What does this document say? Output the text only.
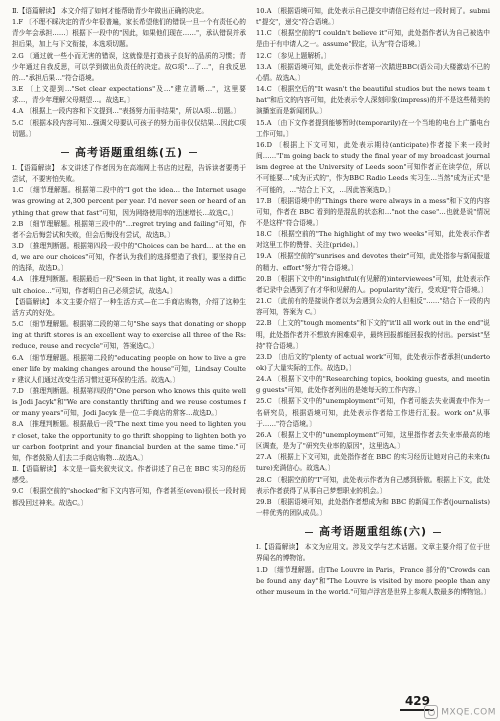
Ⅱ.【语篇解读】 本文介绍了如何才能帮助青少年做出正确的决定。

1.F 〔不理不睬决定的青少年很普遍，家长希望他们的错误一旦一个有责任心的青少年会承担……〕根据下一段中的"因此，如果他们现在……"，承认错误并承担后果，加上与下文衔接，本选项切题。

2.G 〔通过就一些小而无害的错误，这就像是打造孩子良好的品质的习惯；青少年通过自我反思，可以学到做出负责任的决定。故G项"…了…"，自我反思的…"承担后果…"符合语境。

3.E 〔上文提到…"Set clear expectations"及…"建立清晰…"，这里要求…，青少年理解父母期望…。故选E。〕

4.A 〔根据上一段内容和下文提到…"表扬努力而非结果"，所以A项…切题。〕

5.C 〔根据本段内容可知…强调父母要认可孩子的努力而非仅仅结果…因此C项切题。〕

高考语题重组练(五)

Ⅰ.【语篇解读】 本文讲述了作者因为在高端网上书店的过程，告诉读者要勇于尝试，不要害怕失败。

1.C 〔细节理解题。根据第二段中的"I got the idea… the Internet usage was growing at 2,300 percent per year. I'd never seen or heard of anything that grew that fast"可知，因为网络使用率的迅速增长…故选C。〕

2.B 〔细节理解题。根据第三段中的"…regret trying and failing"可知，作者不会后悔尝试和失败，但会后悔没有尝试，故选B。〕

3.D 〔推理判断题。根据第四段一段中的"Choices can be hard… at the end, we are our choices"可知，作者认为我们的选择塑造了我们，要坚持自己的选择，故选D。〕

4.A 〔推理判断题。根据最后一段"Seen in that light, it really was a difficult choice…"可知，作者明白自己必须尝试，故选A。〕

【语篇解读】 本文主要介绍了一种生活方式—在二手商店购物，介绍了这种生活方式的好处。

5.C 〔细节理解题。根据第二段的第二句"She says that donating or shopping at thrift stores is an excellent way to exercise all three of the Rs: reduce, reuse and recycle"可知，答案选C。〕

6.A 〔细节理解题。根据第二段的"educating people on how to live a greener life by making changes around the house"可知，Lindsay Coulter 建议人们通过改变生活习惯过更环保的生活。故选A。〕

7.D 〔推理判断题。根据第四段的"One person who knows this quite well is Jodi Jacyk"和"We are constantly thrifting and we reuse costumes for many years"可知，Jodi Jacyk 是一位二手商店的常客…故选D。〕

8.A 〔推理判断题。根据最后一段"The next time you need to lighten your closet, take the opportunity to go thrift shopping to lighten both your carbon footprint and your financial burden at the same time."可知，作者鼓励人们去二手商店购物…故选A。〕

Ⅱ.【语篇解读】 本文是一篇夹叙夹议文。作者讲述了自己在 BBC 实习的经历感受。

9.C 〔根据空前的"shocked"和下文内容可知，作者甚至(even)很长一段时间都没回过神来。故选C。〕

10.A 〔根据语境可知，此处表示自己提交申请信已经有过一段时间了。submit"提交"，递交"符合语境。〕

11.C 〔根据空前的"I couldn't believe it"可知，此处指作者认为自己被选中是由于有申请人之一。assume"假定，认为"符合语境。〕

12.C 〔参见上题解析。〕

13.A 〔根据语境可知，此处表示作者第一次踏进BBC(语公司)大楼激动不已的心情。故选A。〕

14.C 〔根据空后的"It wasn't the beautiful studios but the news team that"和后文的内容可知，此处表示令人深刻印象(impress)的并不是这些精美的演播室而是新闻团队。〕

15.A 〔由下文作者提到能够暂时(temporarily)在一个当地的电台上广播电台工作可知。〕

16.D 〔根据上下文可知，此处表示期待(anticipate)作者接下来一段时间……"I'm going back to study the final year of my broadcast journalism degree at the University of Leeds soon"可知作者正在读学位，所以不可能要…"成为正式的"，作为BBC Radio Leeds 实习生…当然"成为正式"是不可能的，…"结合上下文，…因此答案选D。〕

17.B 〔根据语境中的"Things there were always in a mess"和下文的内容可知，作者在 BBC 看到的是混乱的状态和…"not the case"…也就是说"情况不是这样"符合语境。〕

18.C 〔根据空前的"The highlight of my two weeks"可知，此处表示作者对这里工作的赞誉、关注(pride)。〕

19.A 〔根据空前的"sunrises and devotes their"可知，此处指参与新闻报道的精力、effort"努力"符合语境。〕

20.B 〔根据下文中的"insightful(有见解的)interviewees"可知，此处表示作者记录中会遇到了有才华和见解的人。popularity"流行，受欢迎"符合语境。〕

21.C 〔此前有的是接说作者以为会遇到公众的人但相反"……"结合下一段的内容可知，答案为 C。〕

22.B 〔上文的"tough moments"和下文的"it'll all work out in the end"说明，此处指作者并不想放弃困难艰辛，最终回报都能回报我的付出。persist"坚持"符合语境。〕

23.D 〔由后文的"plenty of actual work"可知，此处表示作者承担(undertook)了大量实际的工作。故选D。〕

24.A 〔根据下文中的"Researching topics, booking guests, and meeting guests"可知，此处作者列出的是她每天的工作内容。〕

25.C 〔根据下文中的"unemployment"可知，作者可能去失业调查中作为一名研究员，根据语境可知，此处表示作者给工作进行汇报。work on"从事于……"符合语境。〕

26.A 〔根据上文中的"unemployment"可知，这里指作者去失业率最高的地区调查，是为了"研究失业率的原因"，这里选A。〕

27.A 〔根据上下文可知，此处指作者在 BBC 的实习经历让她对自己的未来(future)充满信心。故选A。〕

28.C 〔根据空前的"I"可知，此处表示作者为自己感到骄傲。根据上下文，此处表示作者获得了从事自己梦想职业的机会。〕

29.B 〔根据语境可知，此处指作者想成为和 BBC 的新闻工作者(journalists)一样优秀的团队成员。〕

高考语题重组练(六)

Ⅰ.【语篇解读】 本文为应用文。涉及文学与艺术话题。文章主要介绍了位于世界闻名的博物馆。

1.D 〔细节理解题。由The Louvre in Paris，France 部分的"Crowds can be found any day"和"The Louvre is visited by more people than any other museum in the world."可知卢浮宫是世界上参观人数最多的博物馆。〕

429
MXQE.COM
